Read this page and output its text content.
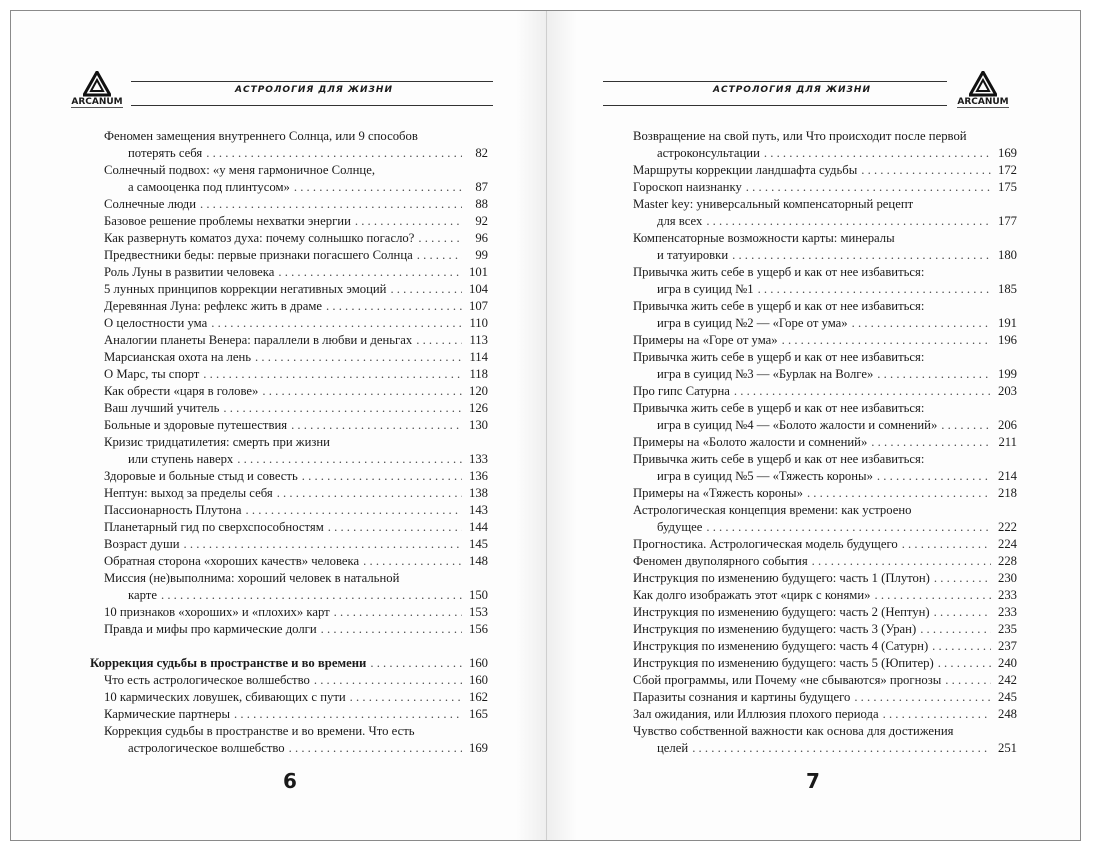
ARCANUM
АСТРОЛОГИЯ ДЛЯ ЖИЗНИ
Феномен замещения внутреннего Солнца, или 9 способов
потерять себя . . .	82
Солнечный подвох: «у меня гармоничное Солнце,
а самооценка под плинтусом» . . .	87
Солнечные люди . . .	88
Базовое решение проблемы нехватки энергии . . .	92
Как развернуть коматоз духа: почему солнышко погасло? . . .	96
Предвестники беды: первые признаки погасшего Солнца . . .	99
Роль Луны в развитии человека . . .	101
5 лунных принципов коррекции негативных эмоций . . .	104
Деревянная Луна: рефлекс жить в драме . . .	107
О целостности ума . . .	110
Аналогии планеты Венера: параллели в любви и деньгах . . .	113
Марсианская охота на лень . . .	114
О Марс, ты спорт . . .	118
Как обрести «царя в голове» . . .	120
Ваш лучший учитель . . .	126
Больные и здоровые путешествия . . .	130
Кризис тридцатилетия: смерть при жизни
или ступень наверх . . .	133
Здоровые и больные стыд и совесть . . .	136
Нептун: выход за пределы себя . . .	138
Пассионарность Плутона . . .	143
Планетарный гид по сверхспособностям . . .	144
Возраст души . . .	145
Обратная сторона «хороших качеств» человека . . .	148
Миссия (не)выполнима: хороший человек в натальной
карте . . .	150
10 признаков «хороших» и «плохих» карт . . .	153
Правда и мифы про кармические долги . . .	156
Коррекция судьбы в пространстве и во времени . . .	160
Что есть астрологическое волшебство . . .	160
10 кармических ловушек, сбивающих с пути . . .	162
Кармические партнеры . . .	165
Коррекция судьбы в пространстве и во времени. Что есть
астрологическое волшебство . . .	169
6
АСТРОЛОГИЯ ДЛЯ ЖИЗНИ
ARCANUM
Возвращение на свой путь, или Что происходит после первой
астроконсультации . . .	169
Маршруты коррекции ландшафта судьбы . . .	172
Гороскоп наизнанку . . .	175
Master key: универсальный компенсаторный рецепт
для всех . . .	177
Компенсаторные возможности карты: минералы
и татуировки . . .	180
Привычка жить себе в ущерб и как от нее избавиться:
игра в суицид №1 . . .	185
Привычка жить себе в ущерб и как от нее избавиться:
игра в суицид №2 — «Горе от ума» . . .	191
Примеры на «Горе от ума» . . .	196
Привычка жить себе в ущерб и как от нее избавиться:
игра в суицид №3 — «Бурлак на Волге» . . .	199
Про гипс Сатурна . . .	203
Привычка жить себе в ущерб и как от нее избавиться:
игра в суицид №4 — «Болото жалости и сомнений» . . .	206
Примеры на «Болото жалости и сомнений» . . .	211
Привычка жить себе в ущерб и как от нее избавиться:
игра в суицид №5 — «Тяжесть короны» . . .	214
Примеры на «Тяжесть короны» . . .	218
Астрологическая концепция времени: как устроено
будущее . . .	222
Прогностика. Астрологическая модель будущего . . .	224
Феномен двуполярного события . . .	228
Инструкция по изменению будущего: часть 1 (Плутон) . . .	230
Как долго изображать этот «цирк с конями» . . .	233
Инструкция по изменению будущего: часть 2 (Нептун) . . .	233
Инструкция по изменению будущего: часть 3 (Уран) . . .	235
Инструкция по изменению будущего: часть 4 (Сатурн) . . .	237
Инструкция по изменению будущего: часть 5 (Юпитер) . . .	240
Сбой программы, или Почему «не сбываются» прогнозы . . .	242
Паразиты сознания и картины будущего . . .	245
Зал ожидания, или Иллюзия плохого периода . . .	248
Чувство собственной важности как основа для достижения
целей . . .	251
7
